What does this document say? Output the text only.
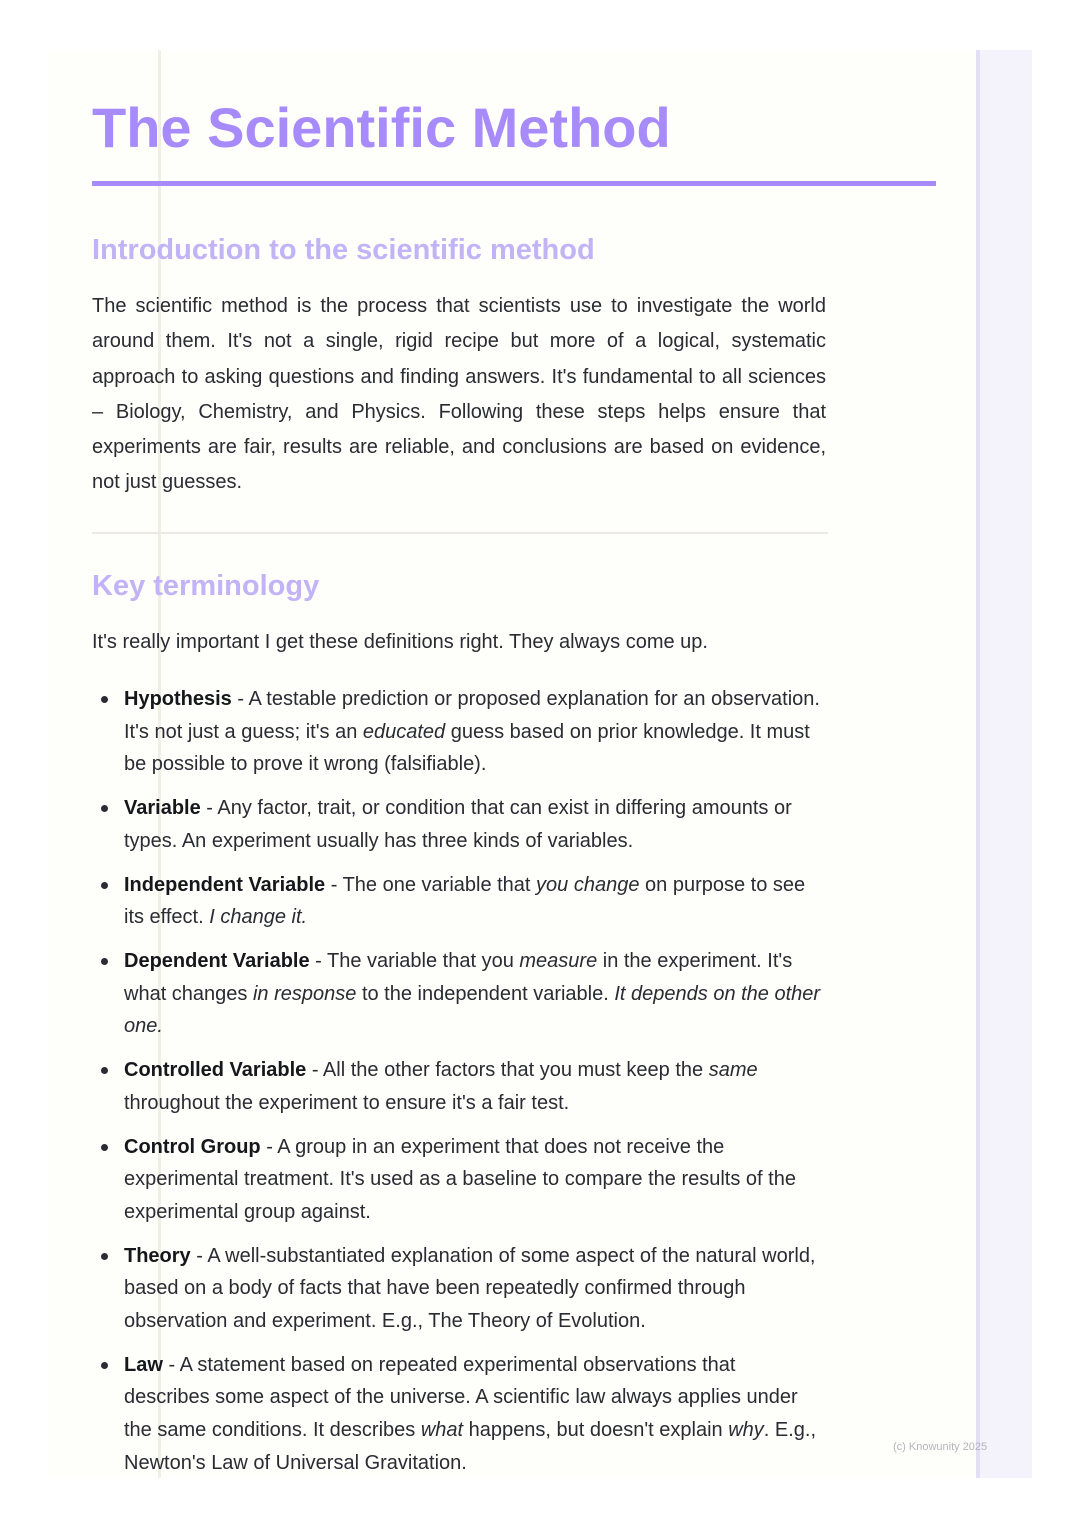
The Scientific Method
Introduction to the scientific method

The scientific method is the process that scientists use to investigate the world around them. It's not a single, rigid recipe but more of a logical, systematic approach to asking questions and finding answers. It's fundamental to all sciences – Biology, Chemistry, and Physics. Following these steps helps ensure that experiments are fair, results are reliable, and conclusions are based on evidence, not just guesses.

Key terminology

It's really important I get these definitions right. They always come up.

Hypothesis - A testable prediction or proposed explanation for an observation. It's not just a guess; it's an educated guess based on prior knowledge. It must be possible to prove it wrong (falsifiable).
Variable - Any factor, trait, or condition that can exist in differing amounts or types. An experiment usually has three kinds of variables.
Independent Variable - The one variable that you change on purpose to see its effect. I change it.
Dependent Variable - The variable that you measure in the experiment. It's what changes in response to the independent variable. It depends on the other one.
Controlled Variable - All the other factors that you must keep the same throughout the experiment to ensure it's a fair test.
Control Group - A group in an experiment that does not receive the experimental treatment. It's used as a baseline to compare the results of the experimental group against.
Theory - A well-substantiated explanation of some aspect of the natural world, based on a body of facts that have been repeatedly confirmed through observation and experiment. E.g., The Theory of Evolution.
Law - A statement based on repeated experimental observations that describes some aspect of the universe. A scientific law always applies under the same conditions. It describes what happens, but doesn't explain why. E.g., Newton's Law of Universal Gravitation.
(c) Knowunity 2025
